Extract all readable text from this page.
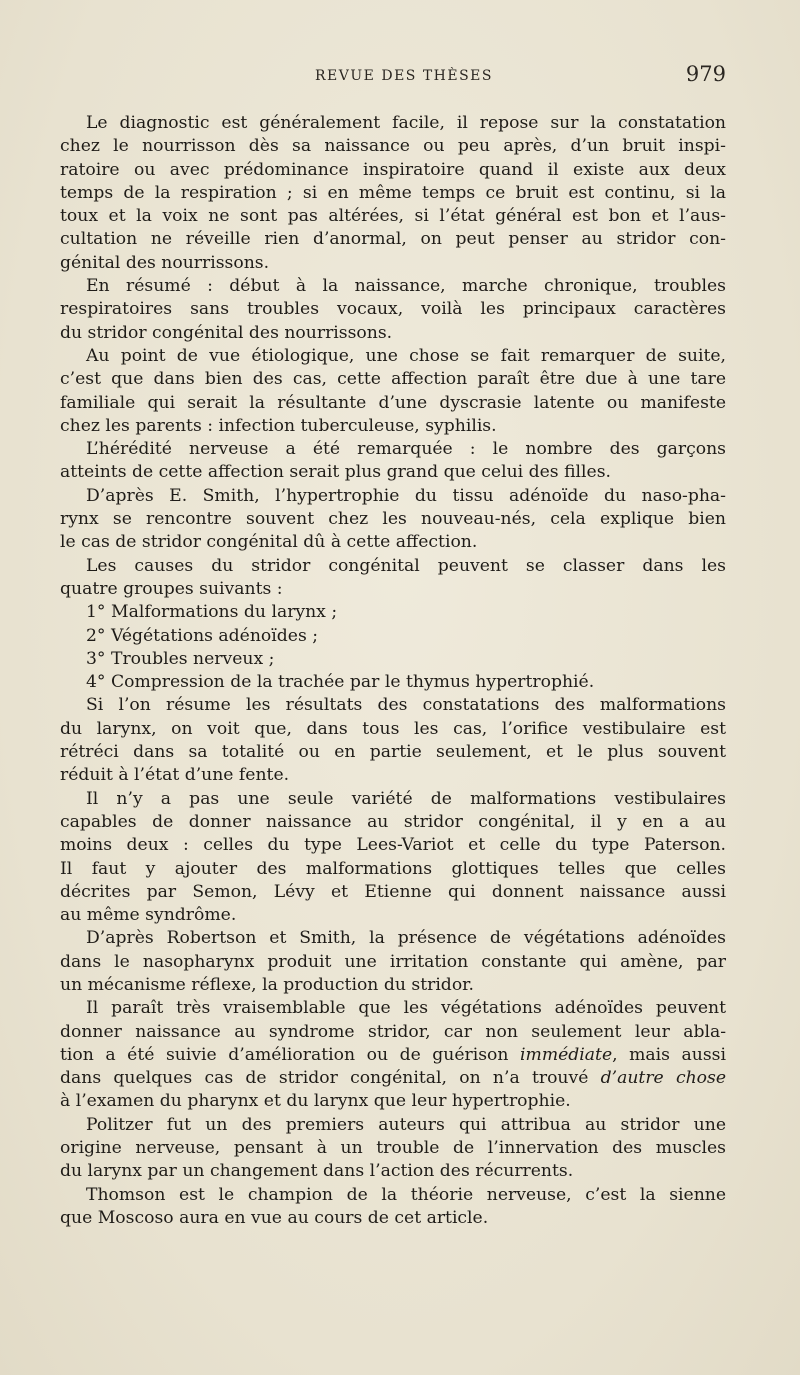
REVUE DES THÈSES	979
Le diagnostic est généralement facile, il repose sur la constatation
chez le nourrisson dès sa naissance ou peu après, d’un bruit inspi-
ratoire ou avec prédominance inspiratoire quand il existe aux deux
temps de la respiration ; si en même temps ce bruit est continu, si la
toux et la voix ne sont pas altérées, si l’état général est bon et l’aus-
cultation ne réveille rien d’anormal, on peut penser au stridor con-
génital des nourrissons.
En résumé : début à la naissance, marche chronique, troubles
respiratoires sans troubles vocaux, voilà les principaux caractères
du stridor congénital des nourrissons.
Au point de vue étiologique, une chose se fait remarquer de suite,
c’est que dans bien des cas, cette affection paraît être due à une tare
familiale qui serait la résultante d’une dyscrasie latente ou manifeste
chez les parents : infection tuberculeuse, syphilis.
L’hérédité nerveuse a été remarquée : le nombre des garçons
atteints de cette affection serait plus grand que celui des filles.
D’après E. Smith, l’hypertrophie du tissu adénoïde du naso-pha-
rynx se rencontre souvent chez les nouveau-nés, cela explique bien
le cas de stridor congénital dû à cette affection.
Les causes du stridor congénital peuvent se classer dans les
quatre groupes suivants :
1° Malformations du larynx ;
2° Végétations adénoïdes ;
3° Troubles nerveux ;
4° Compression de la trachée par le thymus hypertrophié.
Si l’on résume les résultats des constatations des malformations
du larynx, on voit que, dans tous les cas, l’orifice vestibulaire est
rétréci dans sa totalité ou en partie seulement, et le plus souvent
réduit à l’état d’une fente.
Il n’y a pas une seule variété de malformations vestibulaires
capables de donner naissance au stridor congénital, il y en a au
moins deux : celles du type Lees-Variot et celle du type Paterson.
Il faut y ajouter des malformations glottiques telles que celles
décrites par Semon, Lévy et Etienne qui donnent naissance aussi
au même syndrôme.
D’après Robertson et Smith, la présence de végétations adénoïdes
dans le nasopharynx produit une irritation constante qui amène, par
un mécanisme réflexe, la production du stridor.
Il paraît très vraisemblable que les végétations adénoïdes peuvent
donner naissance au syndrome stridor, car non seulement leur abla-
tion a été suivie d’amélioration ou de guérison immédiate, mais aussi
dans quelques cas de stridor congénital, on n’a trouvé d’autre chose
à l’examen du pharynx et du larynx que leur hypertrophie.
Politzer fut un des premiers auteurs qui attribua au stridor une
origine nerveuse, pensant à un trouble de l’innervation des muscles
du larynx par un changement dans l’action des récurrents.
Thomson est le champion de la théorie nerveuse, c’est la sienne
que Moscoso aura en vue au cours de cet article.
